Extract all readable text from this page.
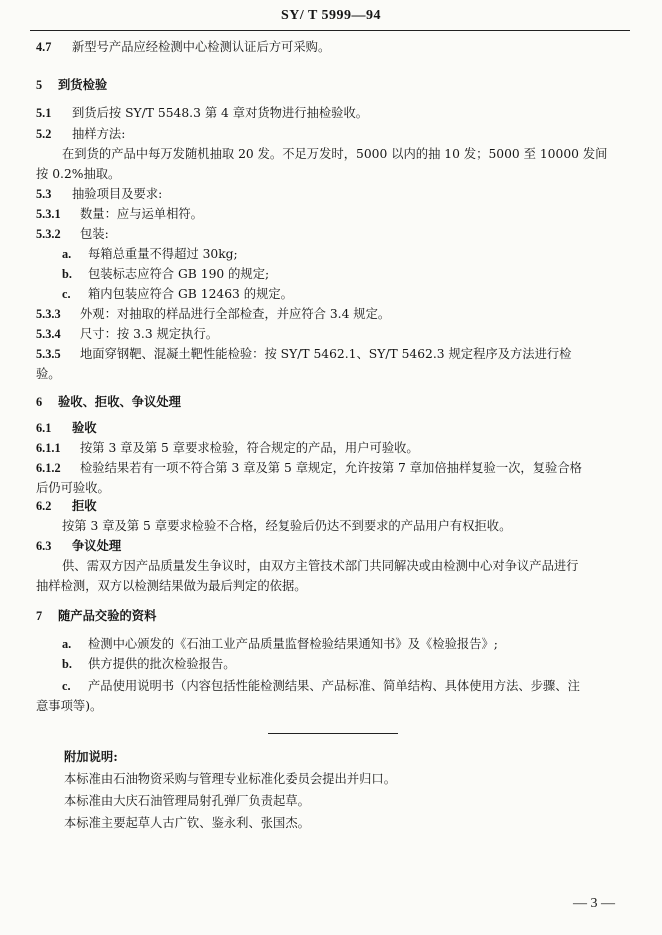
SY/ T 5999—94
4.7 新型号产品应经检测中心检测认证后方可采购。
5 到货检验
5.1 到货后按 SY/T 5548.3 第 4 章对货物进行抽检验收。
5.2 抽样方法:
在到货的产品中每万发随机抽取 20 发。不足万发时，5000 以内的抽 10 发；5000 至 10000 发间
按 0.2%抽取。
5.3 抽验项目及要求:
5.3.1 数量：应与运单相符。
5.3.2 包装:
a. 每箱总重量不得超过 30kg;
b. 包装标志应符合 GB 190 的规定;
c. 箱内包装应符合 GB 12463 的规定。
5.3.3 外观：对抽取的样品进行全部检查，并应符合 3.4 规定。
5.3.4 尺寸：按 3.3 规定执行。
5.3.5 地面穿钢靶、混凝土靶性能检验：按 SY/T 5462.1、SY/T 5462.3 规定程序及方法进行检
验。
6 验收、拒收、争议处理
6.1 验收
6.1.1 按第 3 章及第 5 章要求检验，符合规定的产品，用户可验收。
6.1.2 检验结果若有一项不符合第 3 章及第 5 章规定，允许按第 7 章加倍抽样复验一次，复验合格
后仍可验收。
6.2 拒收
按第 3 章及第 5 章要求检验不合格，经复验后仍达不到要求的产品用户有权拒收。
6.3 争议处理
供、需双方因产品质量发生争议时，由双方主管技术部门共同解决或由检测中心对争议产品进行
抽样检测，双方以检测结果做为最后判定的依据。
7 随产品交验的资料
a. 检测中心颁发的《石油工业产品质量监督检验结果通知书》及《检验报告》;
b. 供方提供的批次检验报告。
c. 产品使用说明书（内容包括性能检测结果、产品标准、简单结构、具体使用方法、步骤、注
意事项等)。
附加说明:
本标准由石油物资采购与管理专业标准化委员会提出并归口。
本标准由大庆石油管理局射孔弹厂负责起草。
本标准主要起草人古广钦、鉴永利、张国杰。
— 3 —
